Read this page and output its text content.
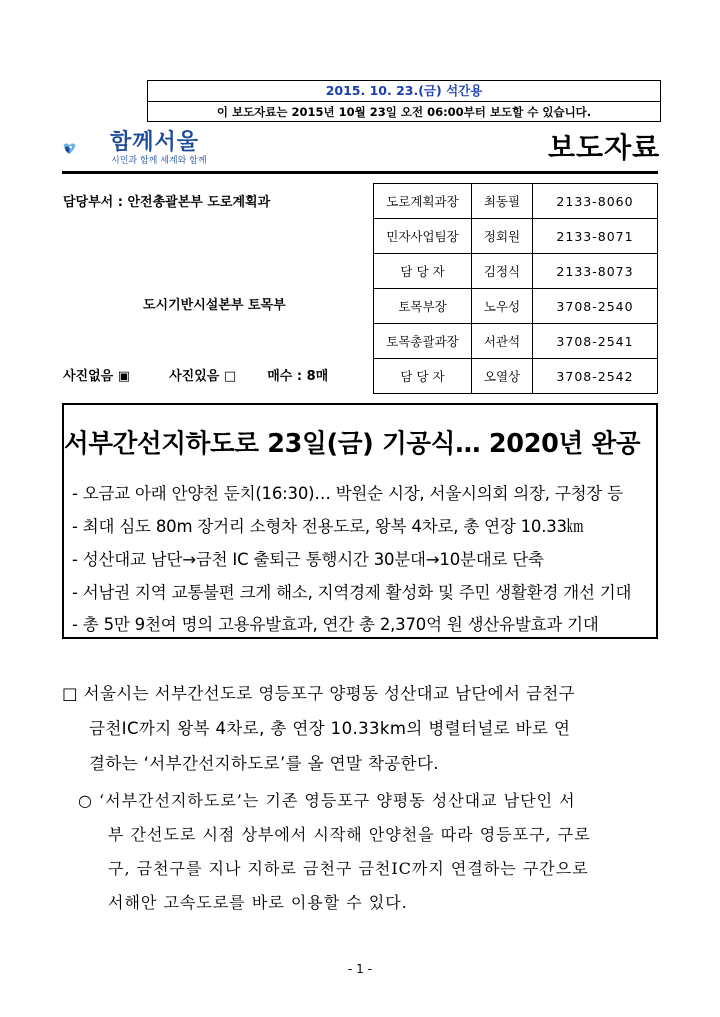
2015. 10. 23.(금) 석간용
이 보도자료는 2015년 10월 23일 오전 06:00부터 보도할 수 있습니다.
함께서울
시민과 함께 세계와 함께	보도자료
담당부서 : 안전총괄본부 도로계획과
도시기반시설본부 토목부
사진없음 ▣	사진있음 □ 매수 : 8매
도로계획과장	최동필	2133-8060
민자사업팀장	정회원	2133-8071
담 당 자	김정식	2133-8073
토목부장	노우성	3708-2540
토목총괄과장	서관석	3708-2541
담 당 자	오열상	3708-2542
서부간선지하도로 23일(금) 기공식… 2020년 완공
- 오금교 아래 안양천 둔치(16:30)… 박원순 시장, 서울시의회 의장, 구청장 등
- 최대 심도 80m 장거리 소형차 전용도로, 왕복 4차로, 총 연장 10.33㎞
- 성산대교 남단→금천 IC 출퇴근 통행시간 30분대→10분대로 단축
- 서남권 지역 교통불편 크게 해소, 지역경제 활성화 및 주민 생활환경 개선 기대
- 총 5만 9천여 명의 고용유발효과, 연간 총 2,370억 원 생산유발효과 기대
□ 서울시는 서부간선도로 영등포구 양평동 성산대교 남단에서 금천구
금천IC까지 왕복 4차로, 총 연장 10.33km의 병렬터널로 바로 연
결하는 ‘서부간선지하도로’를 올 연말 착공한다.
○ ‘서부간선지하도로’는 기존 영등포구 양평동 성산대교 남단인 서
부 간선도로 시점 상부에서 시작해 안양천을 따라 영등포구, 구로
구, 금천구를 지나 지하로 금천구 금천IC까지 연결하는 구간으로
서해안 고속도로를 바로 이용할 수 있다.
- 1 -
